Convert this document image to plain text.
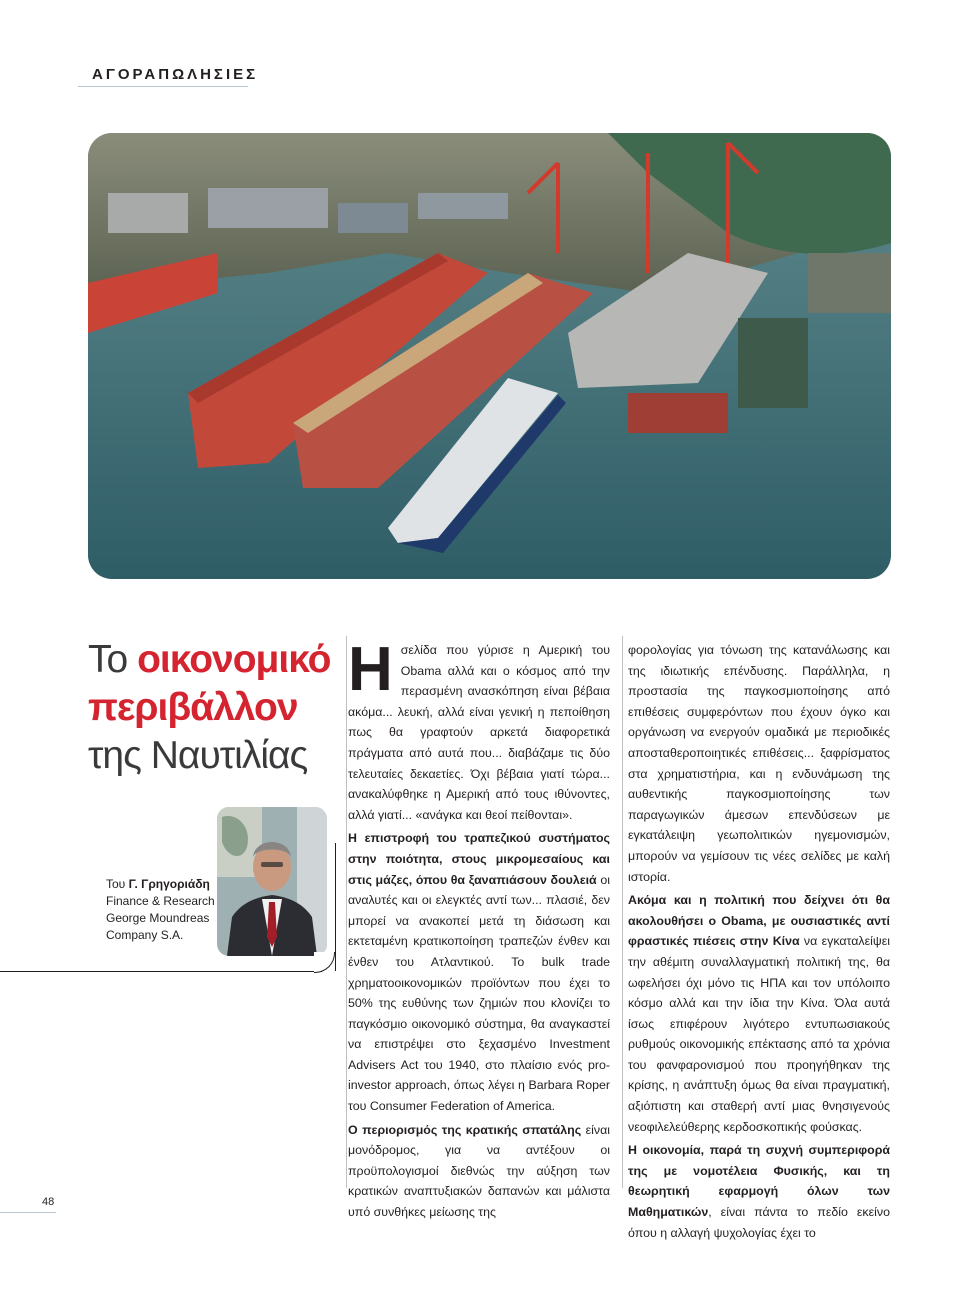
ΑΓΟΡΑΠΩΛΗΣΙΕΣ
Το οικονομικό
περιβάλλον
της Ναυτιλίας
Του Γ. Γρηγοριάδη
Finance & Research
George Moundreas
Company S.A.
Η σελίδα που γύρισε η Αμερική του Obama αλλά και ο κόσμος από την περασμένη ανασκόπηση είναι βέβαια ακόμα... λευκή, αλλά είναι γενική η πεποίθηση πως θα γραφτούν αρκετά διαφορετικά πράγματα από αυτά που... διαβάζαμε τις δύο τελευταίες δεκαετίες. Όχι βέβαια γιατί τώρα... ανακαλύφθηκε η Αμερική από τους ιθύνοντες, αλλά γιατί... «ανάγκα και θεοί πείθονται».

Η επιστροφή του τραπεζικού συστήματος στην ποιότητα, στους μικρομεσαίους και στις μάζες, όπου θα ξαναπιάσουν δουλειά οι αναλυτές και οι ελεγκτές αντί των... πλασιέ, δεν μπορεί να ανακοπεί μετά τη διάσωση και εκτεταμένη κρατικοποίηση τραπεζών ένθεν και ένθεν του Ατλαντικού. Το bulk trade χρηματοοικονομικών προϊόντων που έχει το 50% της ευθύνης των ζημιών που κλονίζει το παγκόσμιο οικονομικό σύστημα, θα αναγκαστεί να επιστρέψει στο ξεχασμένο Investment Advisers Act του 1940, στο πλαίσιο ενός pro-investor approach, όπως λέγει η Barbara Roper του Consumer Federation of America.

Ο περιορισμός της κρατικής σπατάλης είναι μονόδρομος, για να αντέξουν οι προϋπολογισμοί διεθνώς την αύξηση των κρατικών αναπτυξιακών δαπανών και μάλιστα υπό συνθήκες μείωσης της

φορολογίας για τόνωση της κατανάλωσης και της ιδιωτικής επένδυσης. Παράλληλα, η προστασία της παγκοσμιοποίησης από επιθέσεις συμφερόντων που έχουν όγκο και οργάνωση να ενεργούν ομαδικά με περιοδικές αποσταθεροποιητικές επιθέσεις... ξαφρίσματος στα χρηματιστήρια, και η ενδυνάμωση της αυθεντικής παγκοσμιοποίησης των παραγωγικών άμεσων επενδύσεων με εγκατάλειψη γεωπολιτικών ηγεμονισμών, μπορούν να γεμίσουν τις νέες σελίδες με καλή ιστορία.

Ακόμα και η πολιτική που δείχνει ότι θα ακολουθήσει ο Obama, με ουσιαστικές αντί φραστικές πιέσεις στην Κίνα να εγκαταλείψει την αθέμιτη συναλλαγματική πολιτική της, θα ωφελήσει όχι μόνο τις ΗΠΑ και τον υπόλοιπο κόσμο αλλά και την ίδια την Κίνα. Όλα αυτά ίσως επιφέρουν λιγότερο εντυπωσιακούς ρυθμούς οικονομικής επέκτασης από τα χρόνια του φανφαρονισμού που προηγήθηκαν της κρίσης, η ανάπτυξη όμως θα είναι πραγματική, αξιόπιστη και σταθερή αντί μιας θνησιγενούς νεοφιλελεύθερης κερδοσκοπικής φούσκας.

Η οικονομία, παρά τη συχνή συμπεριφορά της με νομοτέλεια Φυσικής, και τη θεωρητική εφαρμογή όλων των Μαθηματικών, είναι πάντα το πεδίο εκείνο όπου η αλλαγή ψυχολογίας έχει το

48
